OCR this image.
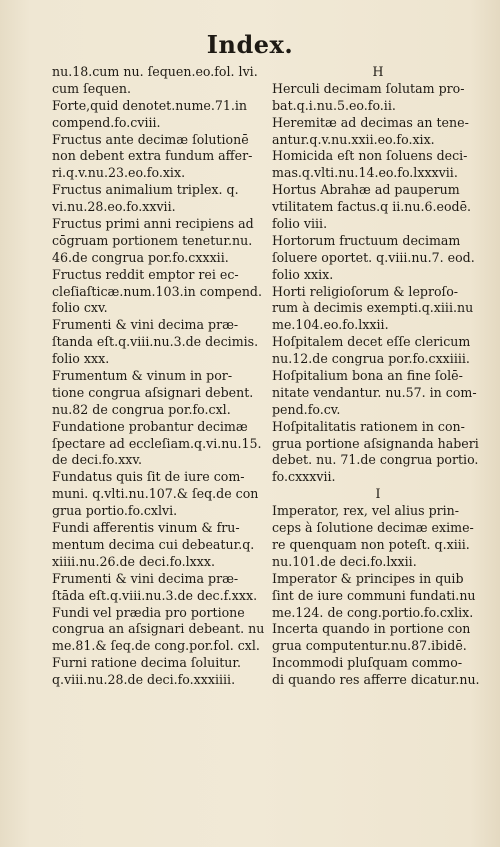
Index.
nu.18.cum nu. ſequen.eo.fol. lvi.
cum ſequen.
Forte,quid denotet.nume.71.in
compend.fo.cviii.
Fructus ante decimæ ſolutionē
non debent extra fundum affer-
ri.q.v.nu.23.eo.fo.xix.
Fructus animalium triplex. q.
vi.nu.28.eo.fo.xxvii.
Fructus primi anni recipiens ad
cōgruam portionem tenetur.nu.
46.de congrua por.fo.cxxxii.
Fructus reddit emptor rei ec-
cleſiaſticæ.num.103.in compend.
folio cxv.
Frumenti & vini decima præ-
ſtanda eſt.q.viii.nu.3.de decimis.
folio xxx.
Frumentum & vinum in por-
tione congrua aſsignari debent.
nu.82 de congrua por.fo.cxl.
Fundatione probantur decimæ
ſpectare ad eccleſiam.q.vi.nu.15.
de deci.fo.xxv.
Fundatus quis ſit de iure com-
muni. q.vlti.nu.107.& ſeq.de con
grua portio.fo.cxlvi.
Fundi afferentis vinum & fru-
mentum decima cui debeatur.q.
xiiii.nu.26.de deci.fo.lxxx.
Frumenti & vini decima præ-
ſtāda eſt.q.viii.nu.3.de dec.f.xxx.
Fundi vel prædia pro portione
congrua an aſsignari debeant. nu
me.81.& ſeq.de cong.por.fol. cxl.
Furni ratione decima ſoluitur.
q.viii.nu.28.de deci.fo.xxxiiii.
H
Herculi decimam ſolutam pro-
bat.q.i.nu.5.eo.fo.ii.
Heremitæ ad decimas an tene-
antur.q.v.nu.xxii.eo.fo.xix.
Homicida eſt non ſoluens deci-
mas.q.vlti.nu.14.eo.fo.lxxxvii.
Hortus Abrahæ ad pauperum
vtilitatem factus.q ii.nu.6.eodē.
folio viii.
Hortorum fructuum decimam
ſoluere oportet. q.viii.nu.7. eod.
folio xxix.
Horti religioſorum & leproſo-
rum à decimis exempti.q.xiii.nu
me.104.eo.fo.lxxii.
Hoſpitalem decet eſſe clericum
nu.12.de congrua por.fo.cxxiiii.
Hoſpitalium bona an fine ſolē-
nitate vendantur. nu.57. in com-
pend.fo.cv.
Hoſpitalitatis rationem in con-
grua portione aſsignanda haberi
debet. nu. 71.de congrua portio.
fo.cxxxvii.
I
Imperator, rex, vel alius prin-
ceps à ſolutione decimæ exime-
re quenquam non poteſt. q.xiii.
nu.101.de deci.fo.lxxii.
Imperator & principes in quib
ſint de iure communi fundati.nu
me.124. de cong.portio.fo.cxlix.
Incerta quando in portione con
grua computentur.nu.87.ibidē.
Incommodi pluſquam commo-
di quando res afferre dicatur.nu.
